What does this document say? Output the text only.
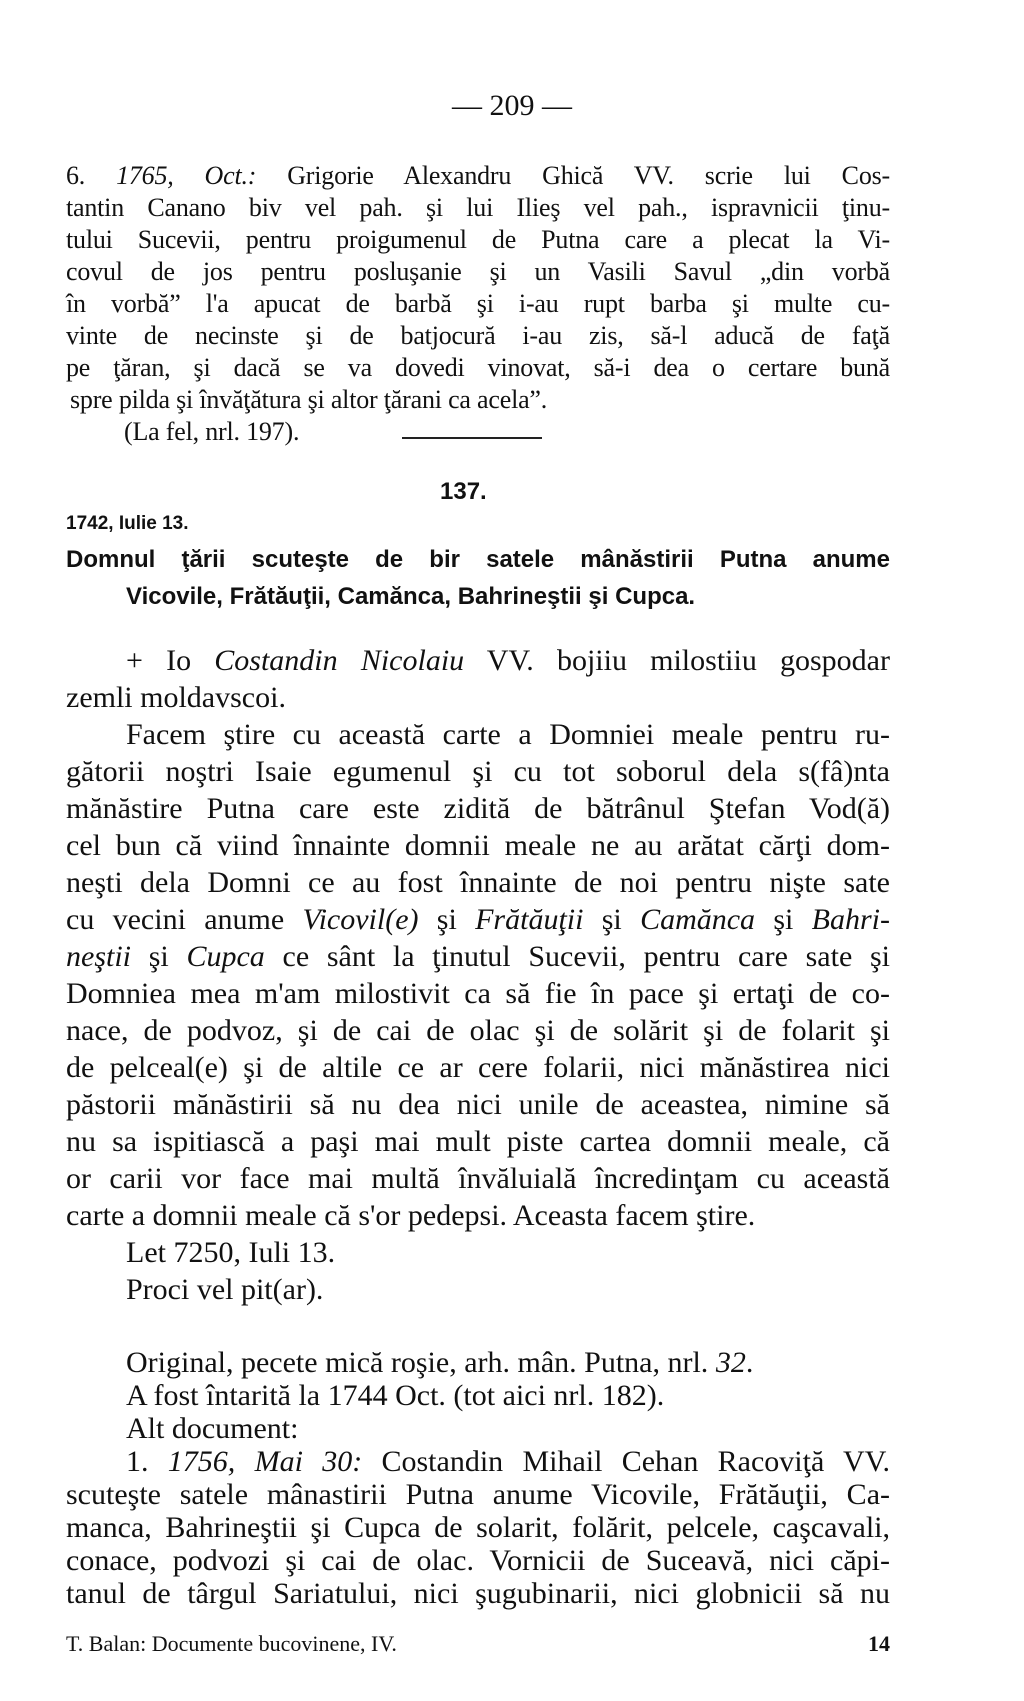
— 209 —
6. 1765, Oct.: Grigorie Alexandru Ghică VV. scrie lui Cos-
tantin Canano biv vel pah. şi lui Ilieş vel pah., ispravnicii ţinu-
tului Sucevii, pentru proigumenul de Putna care a plecat la Vi-
covul de jos pentru posluşanie şi un Vasili Savul „din vorbă
în vorbă” l'a apucat de barbă şi i-au rupt barba şi multe cu-
vinte de necinste şi de batjocură i-au zis, să-l aducă de faţă
pe ţăran, şi dacă se va dovedi vinovat, să-i dea o certare bună
spre pilda şi învăţătura şi altor ţărani ca acela”.
(La fel, nrl. 197).
137.
1742, Iulie 13.
Domnul ţării scuteşte de bir satele mânăstirii Putna anume
Vicovile, Frătăuţii, Camănca, Bahrineştii şi Cupca.
+ Io Costandin Nicolaiu VV. bojiiu milostiiu gospodar
zemli moldavscoi.
Facem ştire cu această carte a Domniei meale pentru ru-
gătorii noştri Isaie egumenul şi cu tot soborul dela s(fâ)nta
mănăstire Putna care este zidită de bătrânul Ştefan Vod(ă)
cel bun că viind înnainte domnii meale ne au arătat cărţi dom-
neşti dela Domni ce au fost înnainte de noi pentru nişte sate
cu vecini anume Vicovil(e) şi Frătăuţii şi Camănca şi Bahri-
neştii şi Cupca ce sânt la ţinutul Sucevii, pentru care sate şi
Domniea mea m'am milostivit ca să fie în pace şi ertaţi de co-
nace, de podvoz, şi de cai de olac şi de solărit şi de folarit şi
de pelceal(e) şi de altile ce ar cere folarii, nici mănăstirea nici
păstorii mănăstirii să nu dea nici unile de aceastea, nimine să
nu sa ispitiască a paşi mai mult piste cartea domnii meale, că
or carii vor face mai multă învăluială încredinţam cu această
carte a domnii meale că s'or pedepsi. Aceasta facem ştire.
Let 7250, Iuli 13.
Proci vel pit(ar).
Original, pecete mică roşie, arh. mân. Putna, nrl. 32.
A fost întarită la 1744 Oct. (tot aici nrl. 182).
Alt document:
1. 1756, Mai 30: Costandin Mihail Cehan Racoviţă VV.
scuteşte satele mânastirii Putna anume Vicovile, Frătăuţii, Ca-
manca, Bahrineştii şi Cupca de solarit, folărit, pelcele, caşcavali,
conace, podvozi şi cai de olac. Vornicii de Suceavă, nici căpi-
tanul de târgul Sariatului, nici şugubinarii, nici globnicii să nu
T. Balan: Documente bucovinene, IV.	14
